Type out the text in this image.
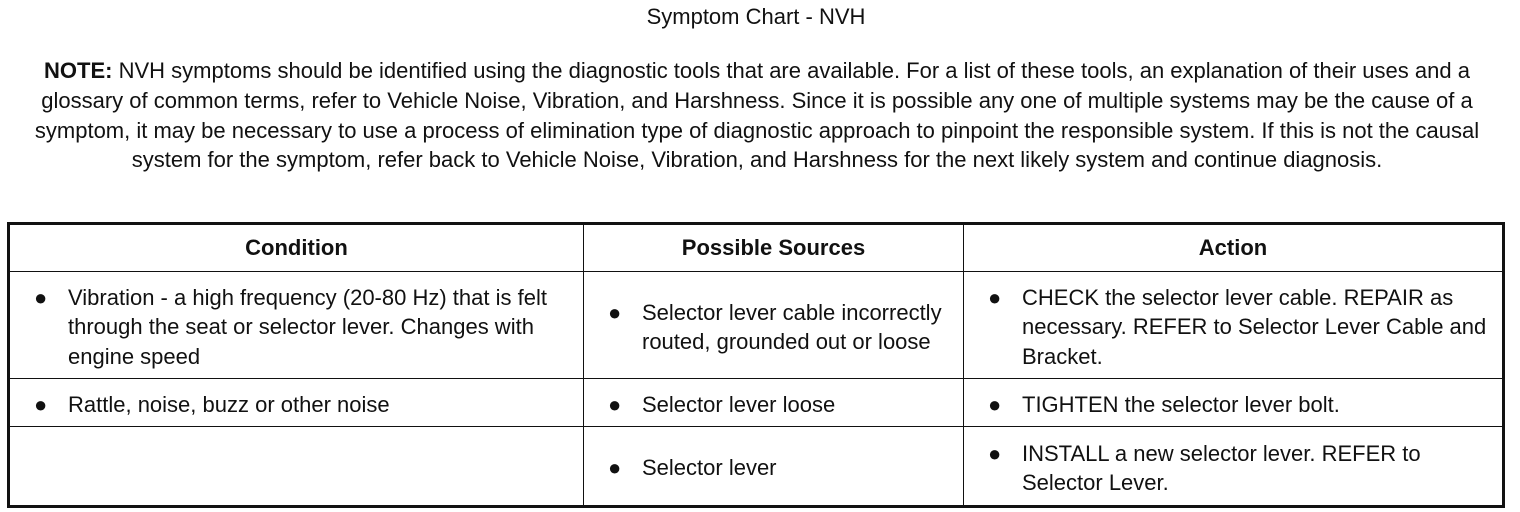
Symptom Chart - NVH
NOTE: NVH symptoms should be identified using the diagnostic tools that are available. For a list of these tools, an explanation of their uses and a glossary of common terms, refer to Vehicle Noise, Vibration, and Harshness. Since it is possible any one of multiple systems may be the cause of a symptom, it may be necessary to use a process of elimination type of diagnostic approach to pinpoint the responsible system. If this is not the causal system for the symptom, refer back to Vehicle Noise, Vibration, and Harshness for the next likely system and continue diagnosis.
Condition	Possible Sources	Action

● Vibration - a high frequency (20-80 Hz) that is felt through the seat or selector lever. Changes with engine speed	● Selector lever cable incorrectly routed, grounded out or loose	● CHECK the selector lever cable. REPAIR as necessary. REFER to Selector Lever Cable and Bracket.

● Rattle, noise, buzz or other noise	● Selector lever loose	● TIGHTEN the selector lever bolt.

	● Selector lever	● INSTALL a new selector lever. REFER to Selector Lever.
